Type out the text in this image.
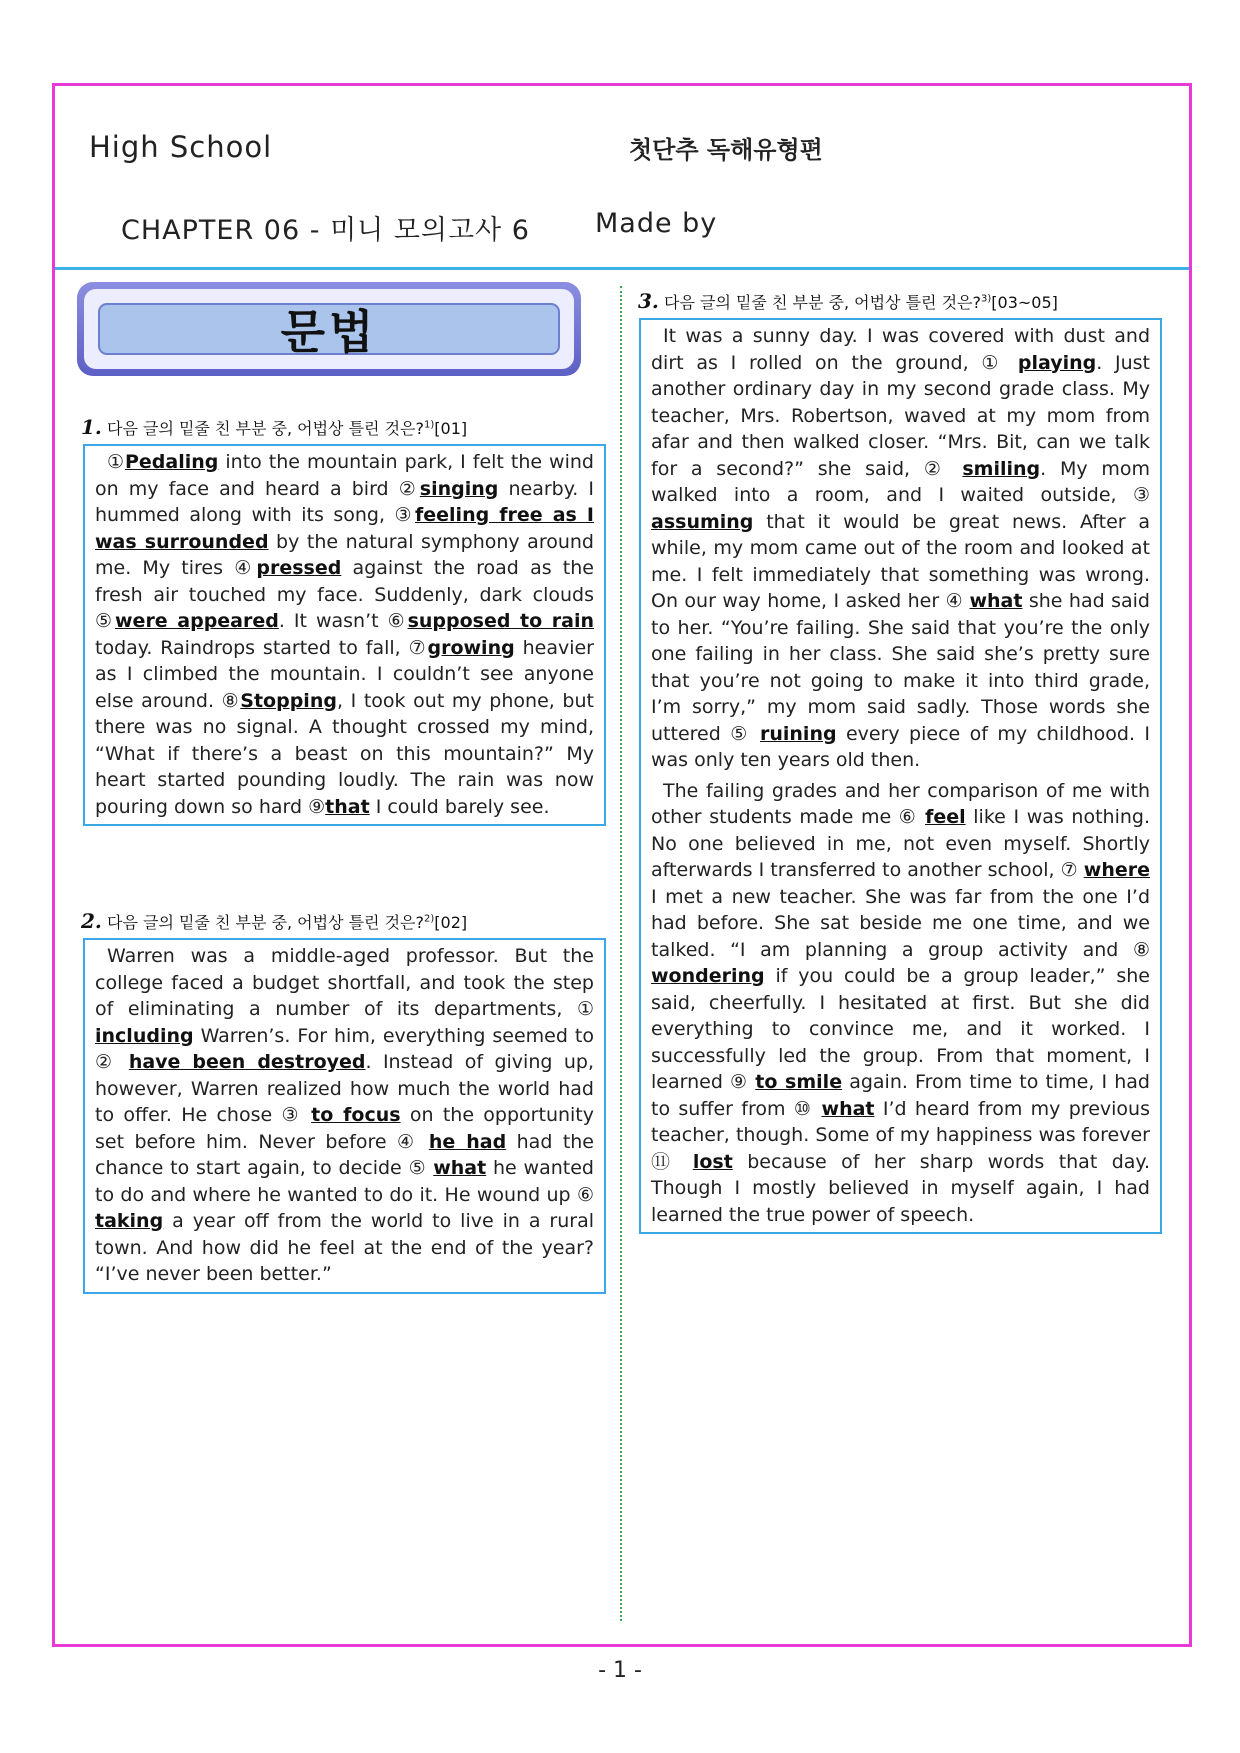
High School	첫단추 독해유형편
CHAPTER 06 - 미니 모의고사 6 Made by
문법
1. 다음 글의 밑줄 친 부분 중, 어법상 틀린 것은?$^{1)}$[01]

①Pedaling into the mountain park, I felt the wind on my face and heard a bird ②singing nearby. I hummed along with its song, ③feeling free as I was surrounded by the natural symphony around me. My tires ④pressed against the road as the fresh air touched my face. Suddenly, dark clouds ⑤were appeared. It wasn’t ⑥supposed to rain today. Raindrops started to fall, ⑦growing heavier as I climbed the mountain. I couldn’t see anyone else around. ⑧Stopping, I took out my phone, but there was no signal. A thought crossed my mind, “What if there’s a beast on this mountain?” My heart started pounding loudly. The rain was now pouring down so hard ⑨that I could barely see.

2. 다음 글의 밑줄 친 부분 중, 어법상 틀린 것은?$^{2)}$[02]

Warren was a middle-aged professor. But the college faced a budget shortfall, and took the step of eliminating a number of its departments, ① including Warren’s. For him, everything seemed to ② have been destroyed. Instead of giving up, however, Warren realized how much the world had to offer. He chose ③ to focus on the opportunity set before him. Never before ④ he had had the chance to start again, to decide ⑤ what he wanted to do and where he wanted to do it. He wound up ⑥ taking a year off from the world to live in a rural town. And how did he feel at the end of the year? “I’ve never been better.”

3. 다음 글의 밑줄 친 부분 중, 어법상 틀린 것은?$^{3)}$[03~05]

It was a sunny day. I was covered with dust and dirt as I rolled on the ground, ① playing. Just another ordinary day in my second grade class. My teacher, Mrs. Robertson, waved at my mom from afar and then walked closer. “Mrs. Bit, can we talk for a second?” she said, ② smiling. My mom walked into a room, and I waited outside, ③ assuming that it would be great news. After a while, my mom came out of the room and looked at me. I felt immediately that something was wrong. On our way home, I asked her ④ what she had said to her. “You’re failing. She said that you’re the only one failing in her class. She said she’s pretty sure that you’re not going to make it into third grade, I’m sorry,” my mom said sadly. Those words she uttered ⑤ ruining every piece of my childhood. I was only ten years old then.

The failing grades and her comparison of me with other students made me ⑥ feel like I was nothing. No one believed in me, not even myself. Shortly afterwards I transferred to another school, ⑦ where I met a new teacher. She was far from the one I’d had before. She sat beside me one time, and we talked. “I am planning a group activity and ⑧ wondering if you could be a group leader,” she said, cheerfully. I hesitated at first. But she did everything to convince me, and it worked. I successfully led the group. From that moment, I learned ⑨ to smile again. From time to time, I had to suffer from ⑩ what I’d heard from my previous teacher, though. Some of my happiness was forever ⑪ lost because of her sharp words that day. Though I mostly believed in myself again, I had learned the true power of speech.

- 1 -
